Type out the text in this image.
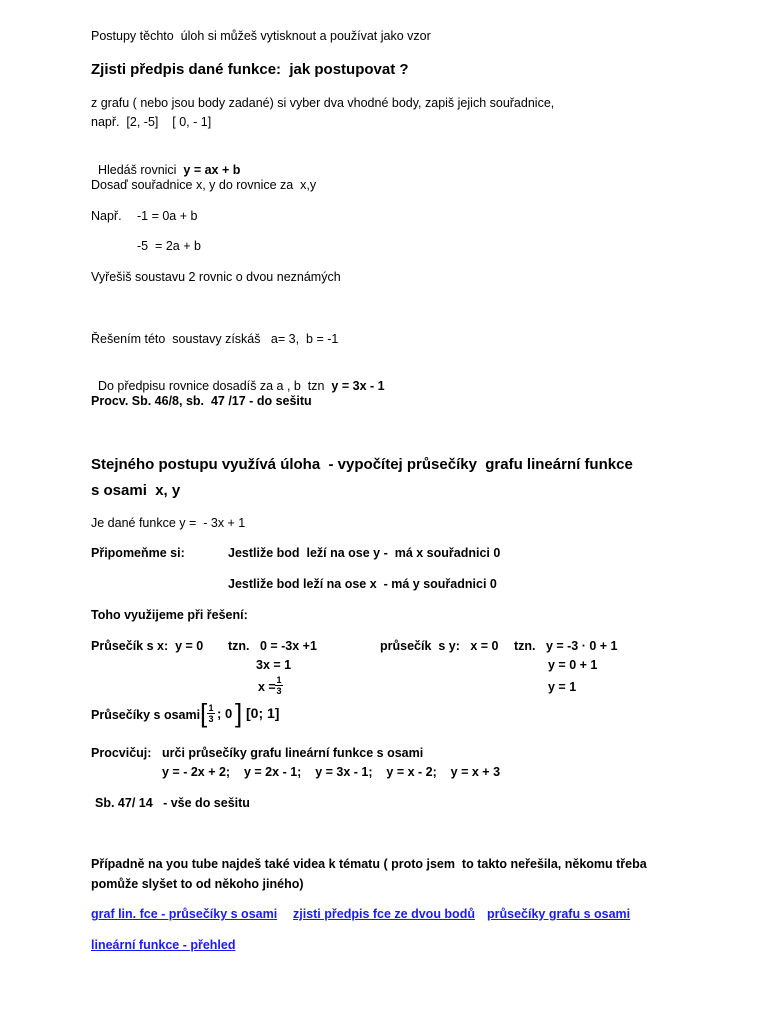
Postupy těchto  úloh si můžeš vytisknout a používat jako vzor
Zjisti předpis dané funkce:  jak postupovat ?
z grafu ( nebo jsou body zadané) si vyber dva vhodné body, zapiš jejich souřadnice,
např.  [2, -5]    [ 0, - 1]

Hledáš rovnici  y = ax + b

Dosaď souřadnice x, y do rovnice za  x,y
Např. -1 = 0a + b
-5  = 2a + b
Vyřešiš soustavu 2 rovnic o dvou neznámých
Řešením této  soustavy získáš   a= 3,  b = -1

Do předpisu rovnice dosadíš za a , b  tzn  y = 3x - 1

Procv. Sb. 46/8, sb.  47 /17 - do sešitu
Stejného postupu využívá úloha  - vypočítej průsečíky  grafu lineární funkce
s osami  x, y
Je dané funkce y =  - 3x + 1
Připomeňme si:	Jestliže bod  leží na ose y -  má x souřadnici 0
Jestliže bod leží na ose x  - má y souřadnici 0
Toho využijeme při řešení:
Průsečík s x:  y = 0 tzn.   0 = -3x +1
3x = 1
x = 1
3
průsečík  s y:   x = 0 tzn.   y = -3 · 0 + 1
y = 0 + 1
y = 1
Průsečíky s osami [ 1
3 ; 0 ] [0; 1]
Procvičuj: urči průsečíky grafu lineární funkce s osami
y = - 2x + 2;    y = 2x - 1;    y = 3x - 1;    y = x - 2;    y = x + 3
Sb. 47/ 14   - vše do sešitu
Případně na you tube najdeš také videa k tématu ( proto jsem  to takto neřešila, někomu třeba
pomůže slyšet to od někoho jiného)
graf lin. fce - průsečíky s osami zjisti předpis fce ze dvou bodů průsečíky grafu s osami
lineární funkce - přehled
